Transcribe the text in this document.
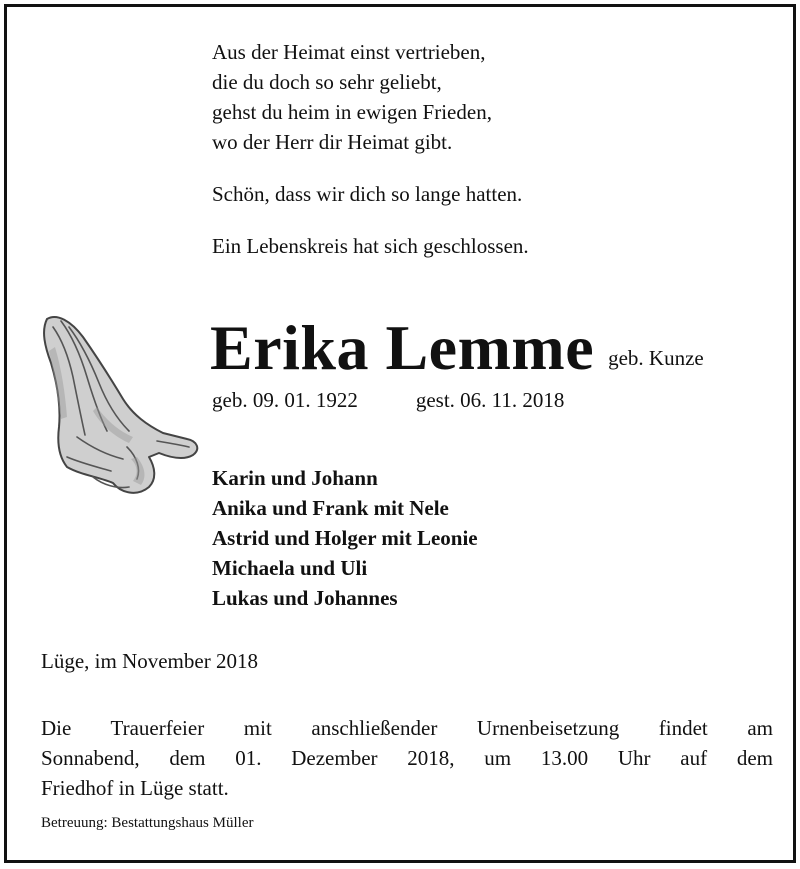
Aus der Heimat einst vertrieben,
die du doch so sehr geliebt,
gehst du heim in ewigen Frieden,
wo der Herr dir Heimat gibt.
Schön, dass wir dich so lange hatten.
Ein Lebenskreis hat sich geschlossen.
Erika Lemme geb. Kunze
geb. 09. 01. 1922	gest. 06. 11. 2018
Karin und Johann
Anika und Frank mit Nele
Astrid und Holger mit Leonie
Michaela und Uli
Lukas und Johannes
Lüge, im November 2018
Die Trauerfeier mit anschließender Urnenbeisetzung findet am
Sonnabend, dem 01. Dezember 2018, um 13.00 Uhr auf dem
Friedhof in Lüge statt.
Betreuung: Bestattungshaus Müller
